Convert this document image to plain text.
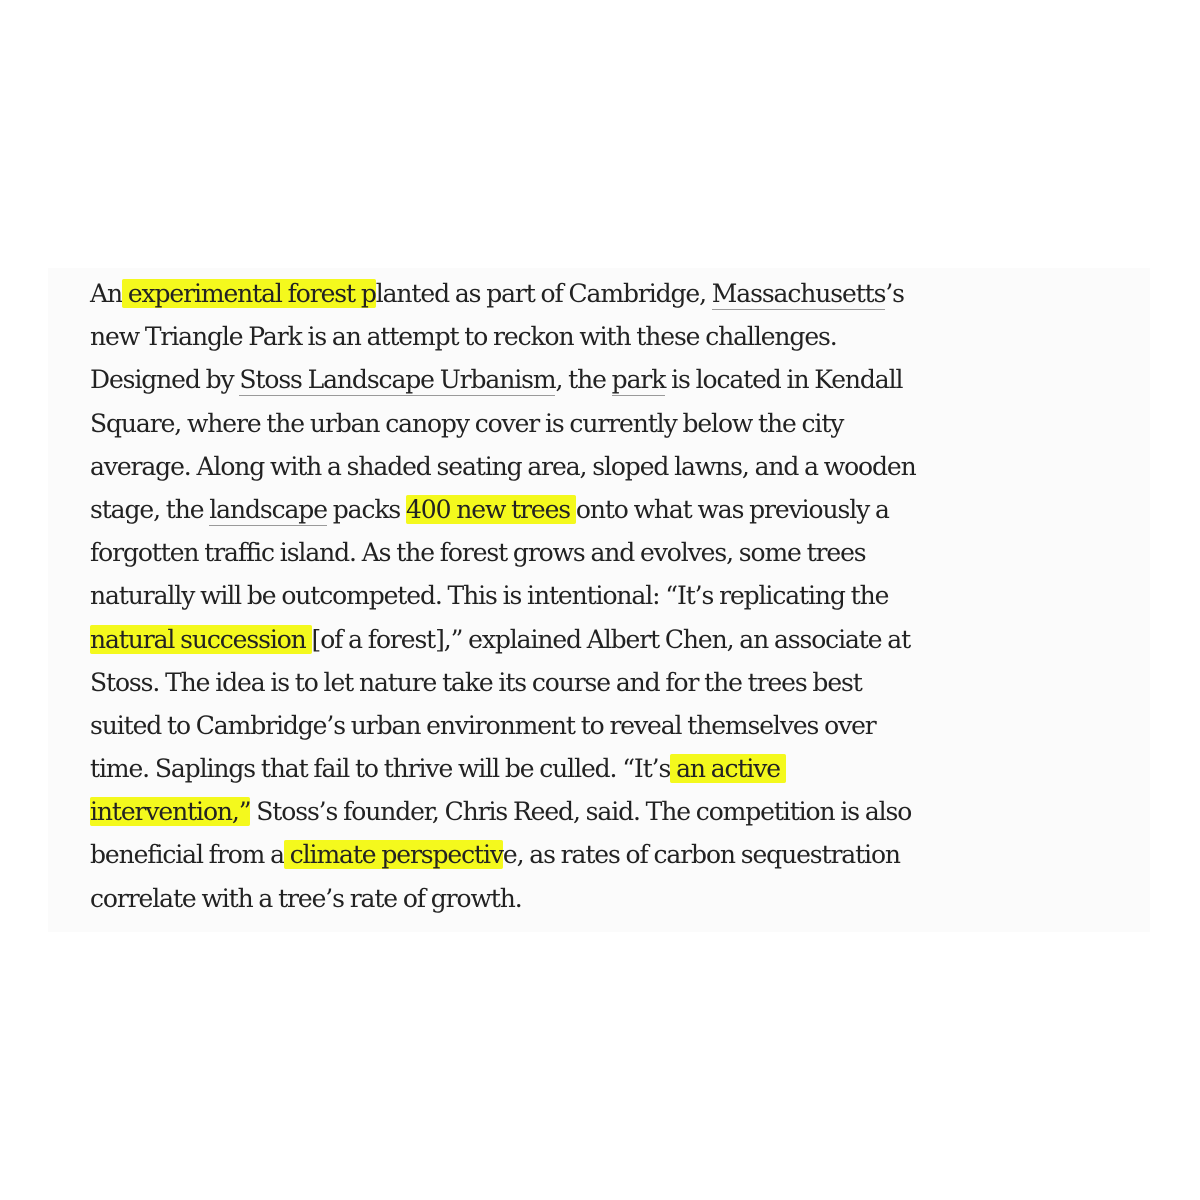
An experimental forest planted as part of Cambridge, Massachusetts’s
new Triangle Park is an attempt to reckon with these challenges.
Designed by Stoss Landscape Urbanism, the park is located in Kendall
Square, where the urban canopy cover is currently below the city
average. Along with a shaded seating area, sloped lawns, and a wooden
stage, the landscape packs 400 new trees onto what was previously a
forgotten traffic island. As the forest grows and evolves, some trees
naturally will be outcompeted. This is intentional: “It’s replicating the
natural succession [of a forest],” explained Albert Chen, an associate at
Stoss. The idea is to let nature take its course and for the trees best
suited to Cambridge’s urban environment to reveal themselves over
time. Saplings that fail to thrive will be culled. “It’s an active
intervention,” Stoss’s founder, Chris Reed, said. The competition is also
beneficial from a climate perspective, as rates of carbon sequestration
correlate with a tree’s rate of growth.
